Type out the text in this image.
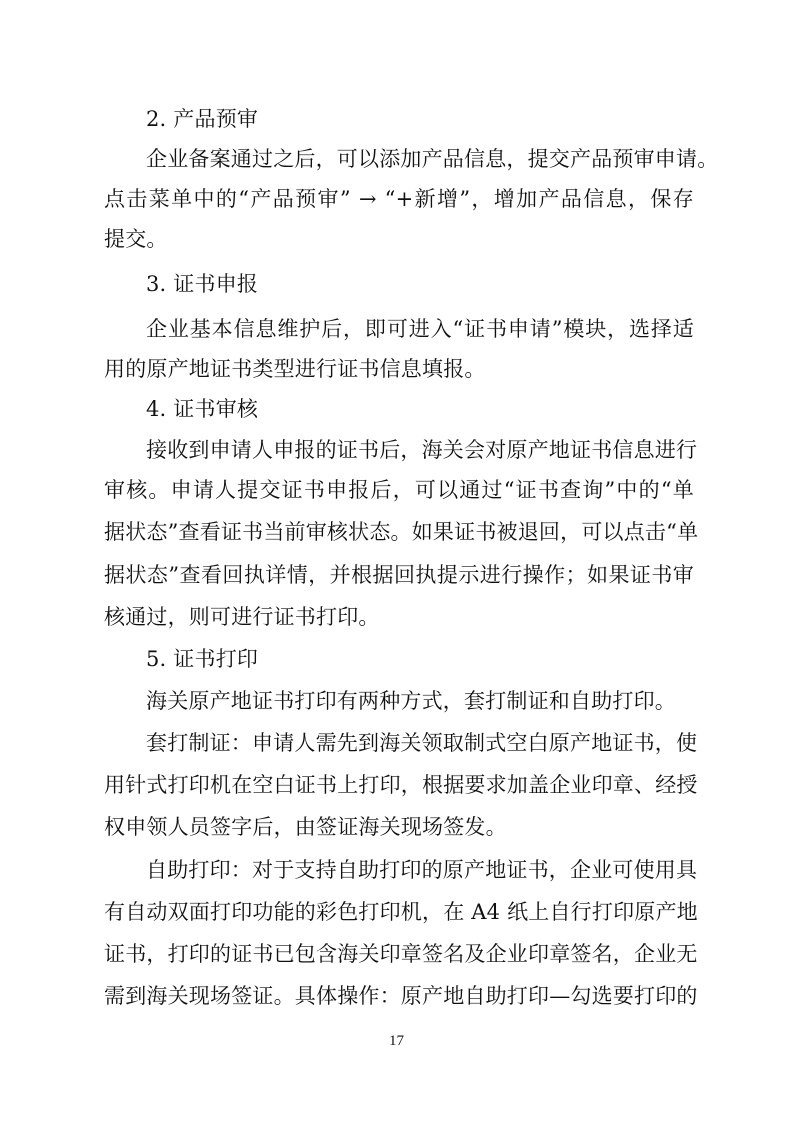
2. 产品预审
企业备案通过之后，可以添加产品信息，提交产品预审申请。
点击菜单中的“产品预审” → “+新增”，增加产品信息，保存
提交。
3. 证书申报
企业基本信息维护后，即可进入“证书申请”模块，选择适
用的原产地证书类型进行证书信息填报。
4. 证书审核
接收到申请人申报的证书后，海关会对原产地证书信息进行
审核。申请人提交证书申报后，可以通过“证书查询”中的“单
据状态”查看证书当前审核状态。如果证书被退回，可以点击“单
据状态”查看回执详情，并根据回执提示进行操作；如果证书审
核通过，则可进行证书打印。
5. 证书打印
海关原产地证书打印有两种方式，套打制证和自助打印。
套打制证：申请人需先到海关领取制式空白原产地证书，使
用针式打印机在空白证书上打印，根据要求加盖企业印章、经授
权申领人员签字后，由签证海关现场签发。
自助打印：对于支持自助打印的原产地证书，企业可使用具
有自动双面打印功能的彩色打印机，在 A4 纸上自行打印原产地
证书，打印的证书已包含海关印章签名及企业印章签名，企业无
需到海关现场签证。具体操作：原产地自助打印—勾选要打印的
17
